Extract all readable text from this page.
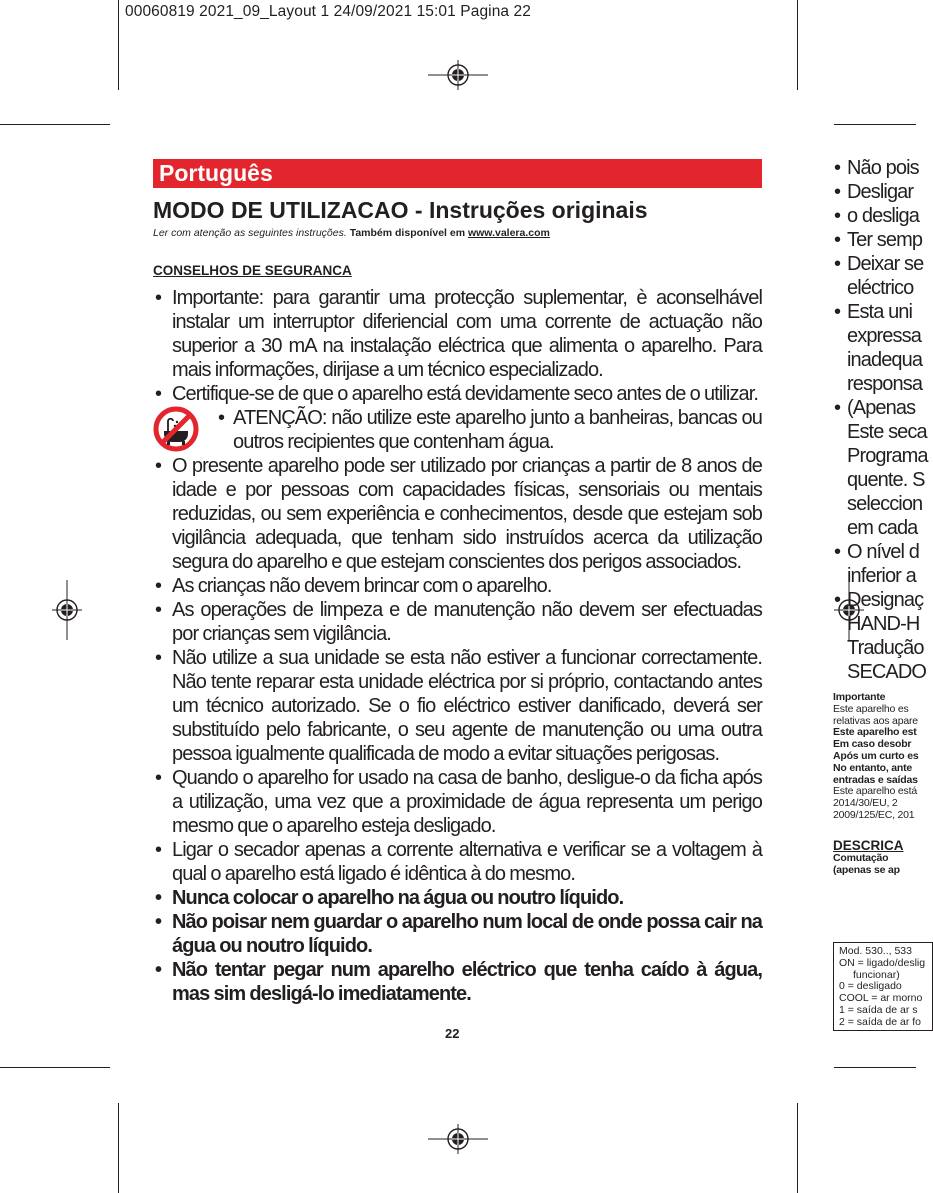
00060819 2021_09_Layout 1 24/09/2021 15:01 Pagina 22
Português
MODO DE UTILIZACAO - Instruções originais
Ler com atenção as seguintes instruções. Também disponível em www.valera.com
CONSELHOS DE SEGURANCA
• Importante: para garantir uma protecção suplementar, è aconselhável instalar um interruptor diferiencial com uma corrente de actuação não superior a 30 mA na instalação eléctrica que alimenta o aparelho. Para mais informações, dirijase a um técnico especializado.
• Certifique-se de que o aparelho está devidamente seco antes de o utilizar.
• ATENÇÃO: não utilize este aparelho junto a banheiras, bancas ou outros recipientes que contenham água.
• O presente aparelho pode ser utilizado por crianças a partir de 8 anos de idade e por pessoas com capacidades físicas, sensoriais ou mentais reduzidas, ou sem experiência e conhecimentos, desde que estejam sob vigilância adequada, que tenham sido instruídos acerca da utilização segura do aparelho e que estejam conscientes dos perigos associados.
• As crianças não devem brincar com o aparelho.
• As operações de limpeza e de manutenção não devem ser efectuadas por crianças sem vigilância.
• Não utilize a sua unidade se esta não estiver a funcionar correctamente. Não tente reparar esta unidade eléctrica por si próprio, contactando antes um técnico autorizado. Se o fio eléctrico estiver danificado, deverá ser substituído pelo fabricante, o seu agente de manutenção ou uma outra pessoa igualmente qualificada de modo a evitar situações perigosas.
• Quando o aparelho for usado na casa de banho, desligue-o da ficha após a utilização, uma vez que a proximidade de água representa um perigo mesmo que o aparelho esteja desligado.
• Ligar o secador apenas a corrente alternativa e verificar se a voltagem à qual o aparelho está ligado é idêntica à do mesmo.
• Nunca colocar o aparelho na água ou noutro líquido.
• Não poisar nem guardar o aparelho num local de onde possa cair na água ou noutro líquido.
• Não tentar pegar num aparelho eléctrico que tenha caído à água, mas sim desligá-lo imediatamente.
22
• Não pois
• Desligar
• o desliga
• Ter semp
• Deixar se
eléctrico
• Esta uni
expressa
inadequa
responsa
• (Apenas
Este seca
Programa
quente. S
seleccion
em cada
• O nível d
inferior a
• Designaç
HAND-H
Tradução
SECADO
Importante
Este aparelho es
relativas aos apare
Este aparelho est
Em caso desobr
Após um curto es
No entanto, ante
entradas e saídas
Este aparelho está
2014/30/EU, 2
2009/125/EC, 201
DESCRICA
Comutação
(apenas se ap
Mod. 530.., 533
ON = ligado/deslig
funcionar)
0 = desligado
COOL = ar morno
1 = saída de ar s
2 = saída de ar fo
